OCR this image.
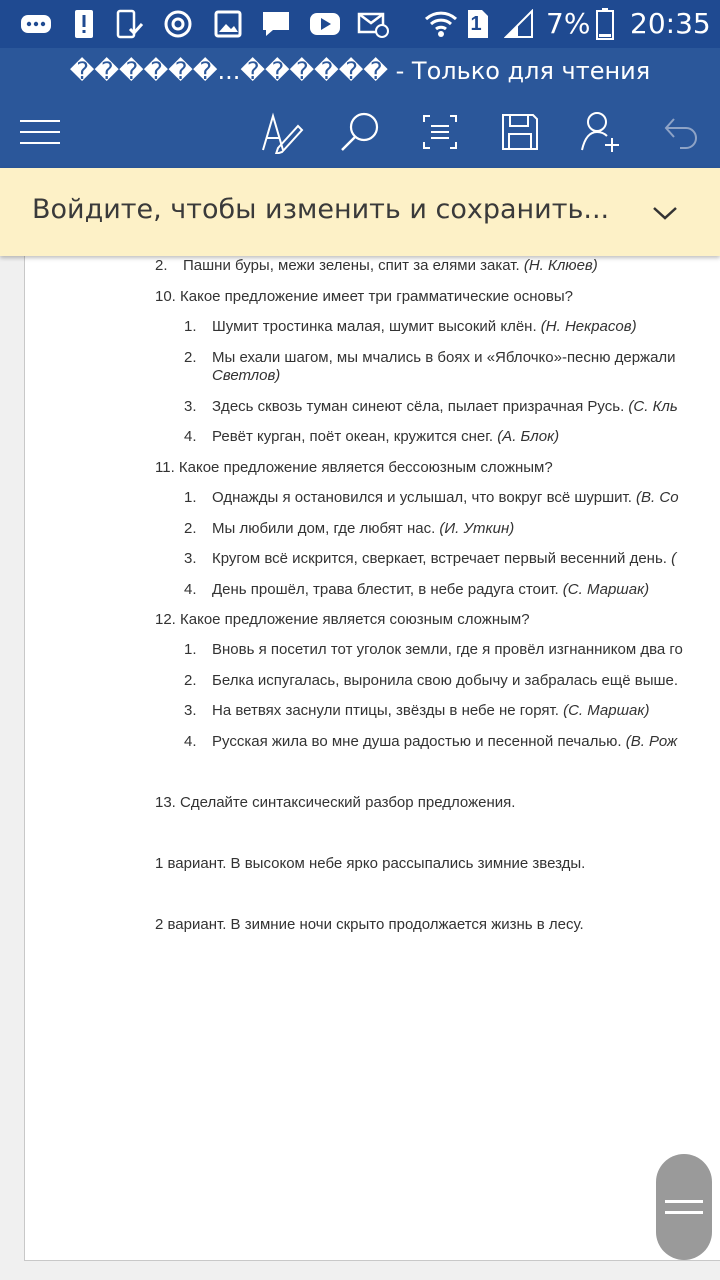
1 7% 20:35
������...������ - Только для чтения
Войдите, чтобы изменить и сохранить...
2. Пашни буры, межи зелены, спит за елями закат. (Н. Клюев)
10. Какое предложение имеет три грамматические основы?
1. Шумит тростинка малая, шумит высокий клён. (Н. Некрасов)
2. Мы ехали шагом, мы мчались в боях и «Яблочко»-песню держали
Светлов)
3. Здесь сквозь туман синеют сёла, пылает призрачная Русь. (С. Кль
4. Ревёт курган, поёт океан, кружится снег. (А. Блок)
11. Какое предложение является бессоюзным сложным?
1. Однажды я остановился и услышал, что вокруг всё шуршит. (В. Со
2. Мы любили дом, где любят нас. (И. Уткин)
3. Кругом всё искрится, сверкает, встречает первый весенний день. (
4. День прошёл, трава блестит, в небе радуга стоит. (С. Маршак)
12. Какое предложение является союзным сложным?
1. Вновь я посетил тот уголок земли, где я провёл изгнанником два го
2. Белка испугалась, выронила свою добычу и забралась ещё выше.
3. На ветвях заснули птицы, звёзды в небе не горят. (С. Маршак)
4. Русская жила во мне душа радостью и песенной печалью. (В. Рож
13. Сделайте синтаксический разбор предложения.
1 вариант. В высоком небе ярко рассыпались зимние звезды.
2 вариант. В зимние ночи скрыто продолжается жизнь в лесу.
